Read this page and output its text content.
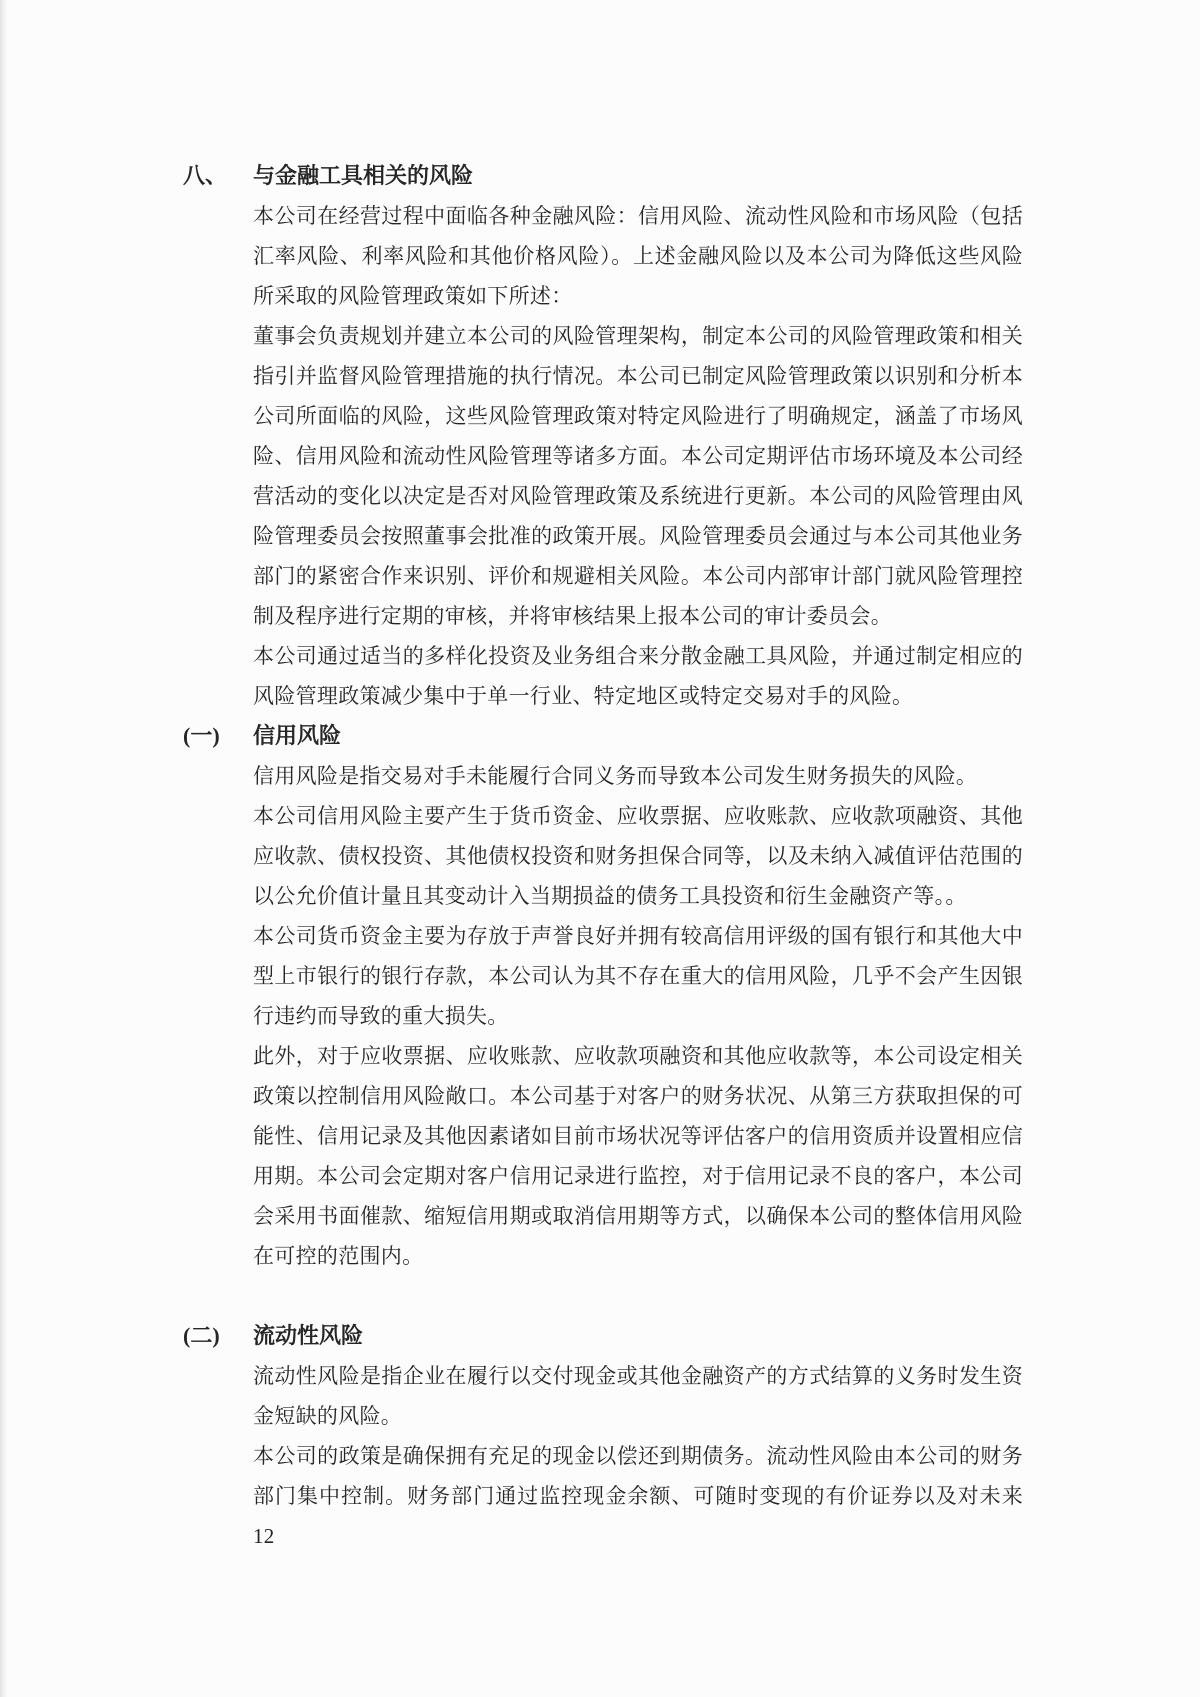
八、	与金融工具相关的风险

本公司在经营过程中面临各种金融风险：信用风险、流动性风险和市场风险（包括汇率风险、利率风险和其他价格风险）。上述金融风险以及本公司为降低这些风险所采取的风险管理政策如下所述：

董事会负责规划并建立本公司的风险管理架构，制定本公司的风险管理政策和相关指引并监督风险管理措施的执行情况。本公司已制定风险管理政策以识别和分析本公司所面临的风险，这些风险管理政策对特定风险进行了明确规定，涵盖了市场风险、信用风险和流动性风险管理等诸多方面。本公司定期评估市场环境及本公司经营活动的变化以决定是否对风险管理政策及系统进行更新。本公司的风险管理由风险管理委员会按照董事会批准的政策开展。风险管理委员会通过与本公司其他业务部门的紧密合作来识别、评价和规避相关风险。本公司内部审计部门就风险管理控制及程序进行定期的审核，并将审核结果上报本公司的审计委员会。

本公司通过适当的多样化投资及业务组合来分散金融工具风险，并通过制定相应的风险管理政策减少集中于单一行业、特定地区或特定交易对手的风险。

(一)	信用风险

信用风险是指交易对手未能履行合同义务而导致本公司发生财务损失的风险。

本公司信用风险主要产生于货币资金、应收票据、应收账款、应收款项融资、其他应收款、债权投资、其他债权投资和财务担保合同等，以及未纳入减值评估范围的以公允价值计量且其变动计入当期损益的债务工具投资和衍生金融资产等。。

本公司货币资金主要为存放于声誉良好并拥有较高信用评级的国有银行和其他大中型上市银行的银行存款，本公司认为其不存在重大的信用风险，几乎不会产生因银行违约而导致的重大损失。

此外，对于应收票据、应收账款、应收款项融资和其他应收款等，本公司设定相关政策以控制信用风险敞口。本公司基于对客户的财务状况、从第三方获取担保的可能性、信用记录及其他因素诸如目前市场状况等评估客户的信用资质并设置相应信用期。本公司会定期对客户信用记录进行监控，对于信用记录不良的客户，本公司会采用书面催款、缩短信用期或取消信用期等方式，以确保本公司的整体信用风险在可控的范围内。

(二)	流动性风险

流动性风险是指企业在履行以交付现金或其他金融资产的方式结算的义务时发生资金短缺的风险。

本公司的政策是确保拥有充足的现金以偿还到期债务。流动性风险由本公司的财务部门集中控制。财务部门通过监控现金余额、可随时变现的有价证券以及对未来 12
